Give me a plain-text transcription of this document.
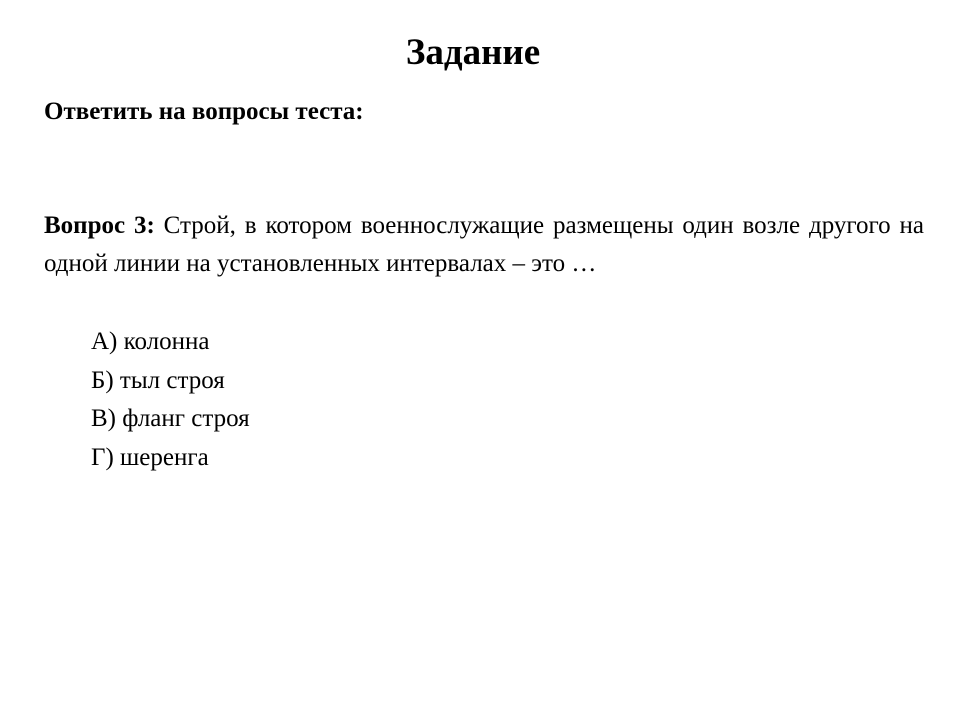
Задание
Ответить на вопросы теста:
Вопрос 3: Строй, в котором военнослужащие размещены один возле другого на одной линии на установленных интервалах – это …
А) колонна
Б) тыл строя
В) фланг строя
Г) шеренга
